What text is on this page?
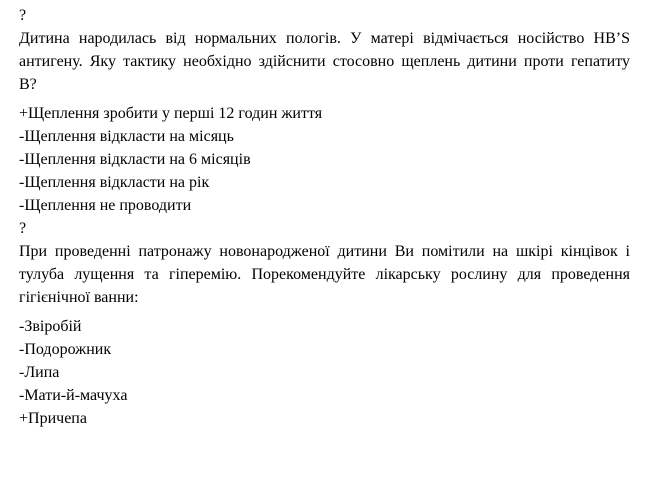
?

Дитина народилась від нормальних пологів. У матері відмічається носійство HB’S

антигену. Яку тактику необхідно здійснити стосовно щеплень дитини проти гепатиту

В?

+Щеплення зробити у перші 12 годин життя

-Щеплення відкласти на місяць

-Щеплення відкласти на 6 місяців

-Щеплення відкласти на рік

-Щеплення не проводити

?

При проведенні патронажу новонародженої дитини Ви помітили на шкірі кінцівок і

тулуба лущення та гіперемію. Порекомендуйте лікарську рослину для проведення

гігієнічної ванни:

-Звіробій

-Подорожник

-Липа

-Мати-й-мачуха

+Причепа
